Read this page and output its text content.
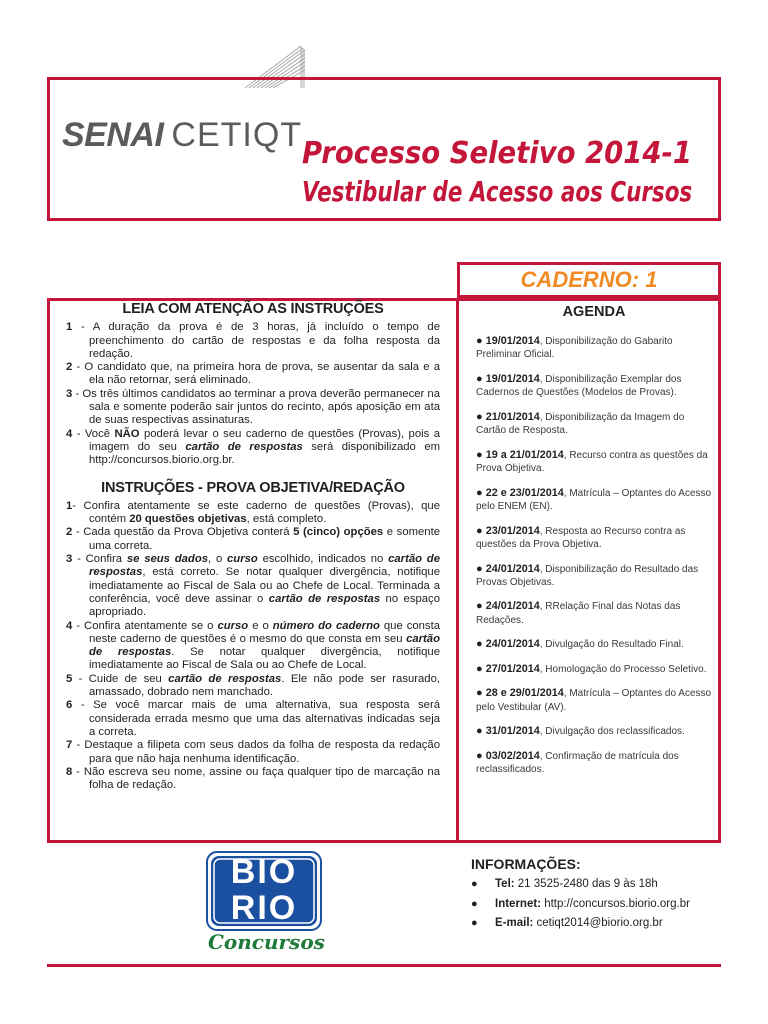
SENAI CETIQT Processo Seletivo 2014-1
Vestibular de Acesso aos Cursos
CADERNO: 1
LEIA COM ATENÇÃO AS INSTRUÇÕES

1 - A duração da prova é de 3 horas, já incluído o tempo de preenchimento do cartão de respostas e da folha resposta da redação.

2 - O candidato que, na primeira hora de prova, se ausentar da sala e a ela não retornar, será eliminado.

3 - Os três últimos candidatos ao terminar a prova deverão permanecer na sala e somente poderão sair juntos do recinto, após aposição em ata de suas respectivas assinaturas.

4 - Você NÃO poderá levar o seu caderno de questões (Provas), pois a imagem do seu cartão de respostas será disponibilizado em http://concursos.biorio.org.br.

INSTRUÇÕES - PROVA OBJETIVA/REDAÇÃO

1- Confira atentamente se este caderno de questões (Provas), que contém 20 questões objetivas, está completo.

2 - Cada questão da Prova Objetiva conterá 5 (cinco) opções e somente uma correta.

3 - Confira se seus dados, o curso escolhido, indicados no cartão de respostas, está correto. Se notar qualquer divergência, notifique imediatamente ao Fiscal de Sala ou ao Chefe de Local. Terminada a conferência, você deve assinar o cartão de respostas no espaço apropriado.

4 - Confira atentamente se o curso e o número do caderno que consta neste caderno de questões é o mesmo do que consta em seu cartão de respostas. Se notar qualquer divergência, notifique imediatamente ao Fiscal de Sala ou ao Chefe de Local.

5 - Cuide de seu cartão de respostas. Ele não pode ser rasurado, amassado, dobrado nem manchado.

6 - Se você marcar mais de uma alternativa, sua resposta será considerada errada mesmo que uma das alternativas indicadas seja a correta.

7 - Destaque a filipeta com seus dados da folha de resposta da redação para que não haja nenhuma identificação.

8 - Não escreva seu nome, assine ou faça qualquer tipo de marcação na folha de redação.

AGENDA

● 19/01/2014, Disponibilização do Gabarito Preliminar Oficial.

● 19/01/2014, Disponibilização Exemplar dos Cadernos de Questões (Modelos de Provas).

● 21/01/2014, Disponibilização da Imagem do Cartão de Resposta.

● 19 a 21/01/2014, Recurso contra as questões da Prova Objetiva.

● 22 e 23/01/2014, Matrícula – Optantes do Acesso pelo ENEM (EN).

● 23/01/2014, Resposta ao Recurso contra as questões da Prova Objetiva.

● 24/01/2014, Disponibilização do Resultado das Provas Objetivas.

● 24/01/2014, RRelação Final das Notas das Redações.

● 24/01/2014, Divulgação do Resultado Final.

● 27/01/2014, Homologação do Processo Seletivo.

● 28 e 29/01/2014, Matrícula – Optantes do Acesso pelo Vestibular (AV).

● 31/01/2014, Divulgação dos reclassificados.

● 03/02/2014, Confirmação de matrícula dos reclassificados.

BIO
RIO
Concursos
INFORMAÇÕES:
● Tel: 21 3525-2480 das 9 às 18h
● Internet: http://concursos.biorio.org.br
● E-mail: cetiqt2014@biorio.org.br
